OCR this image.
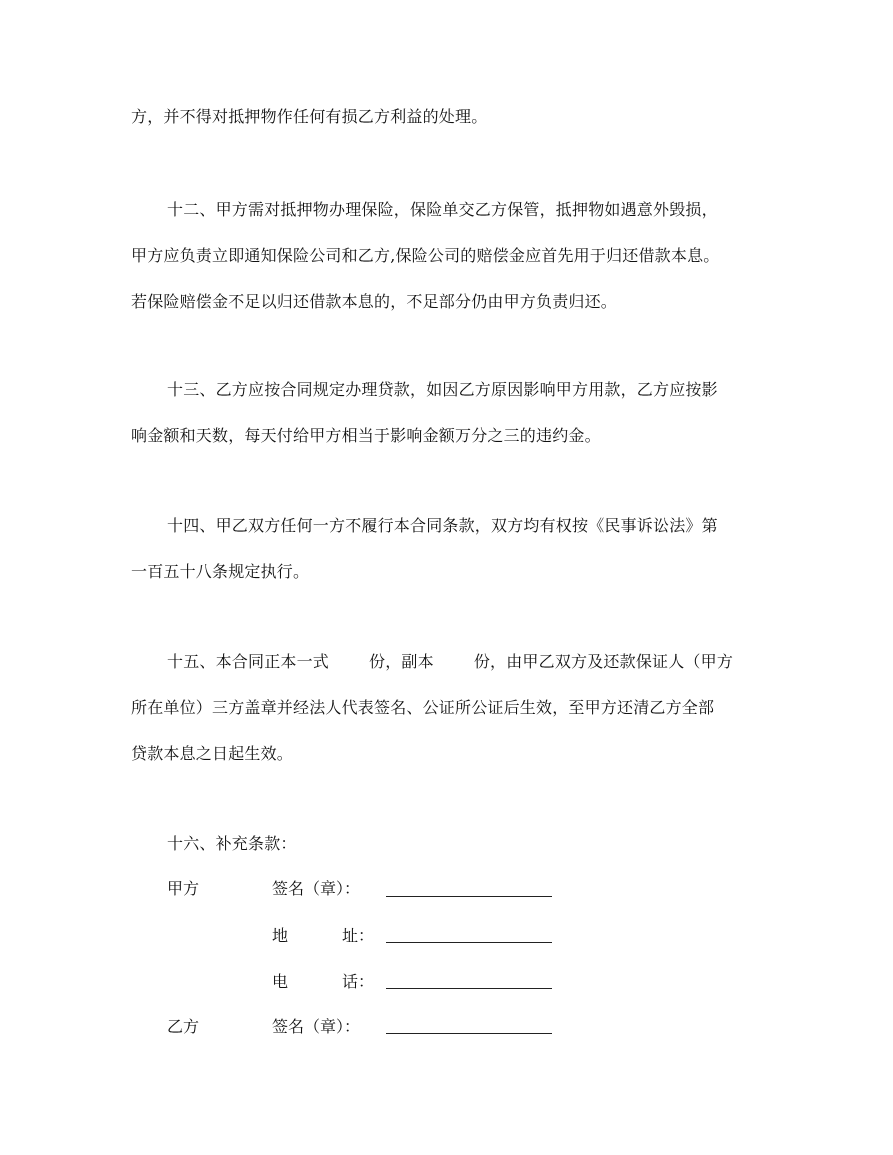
方，并不得对抵押物作任何有损乙方利益的处理。
十二、甲方需对抵押物办理保险，保险单交乙方保管，抵押物如遇意外毁损，
甲方应负责立即通知保险公司和乙方,保险公司的赔偿金应首先用于归还借款本息。
若保险赔偿金不足以归还借款本息的，不足部分仍由甲方负责归还。
十三、乙方应按合同规定办理贷款，如因乙方原因影响甲方用款，乙方应按影
响金额和天数，每天付给甲方相当于影响金额万分之三的违约金。
十四、甲乙双方任何一方不履行本合同条款，双方均有权按《民事诉讼法》第
一百五十八条规定执行。
十五、本合同正本一式	份，副本	份，由甲乙双方及还款保证人（甲方
所在单位）三方盖章并经法人代表签名、公证所公证后生效，至甲方还清乙方全部
贷款本息之日起生效。
十六、补充条款：
甲方	签名（章）：
地	址：
电	话：
乙方	签名（章）：
